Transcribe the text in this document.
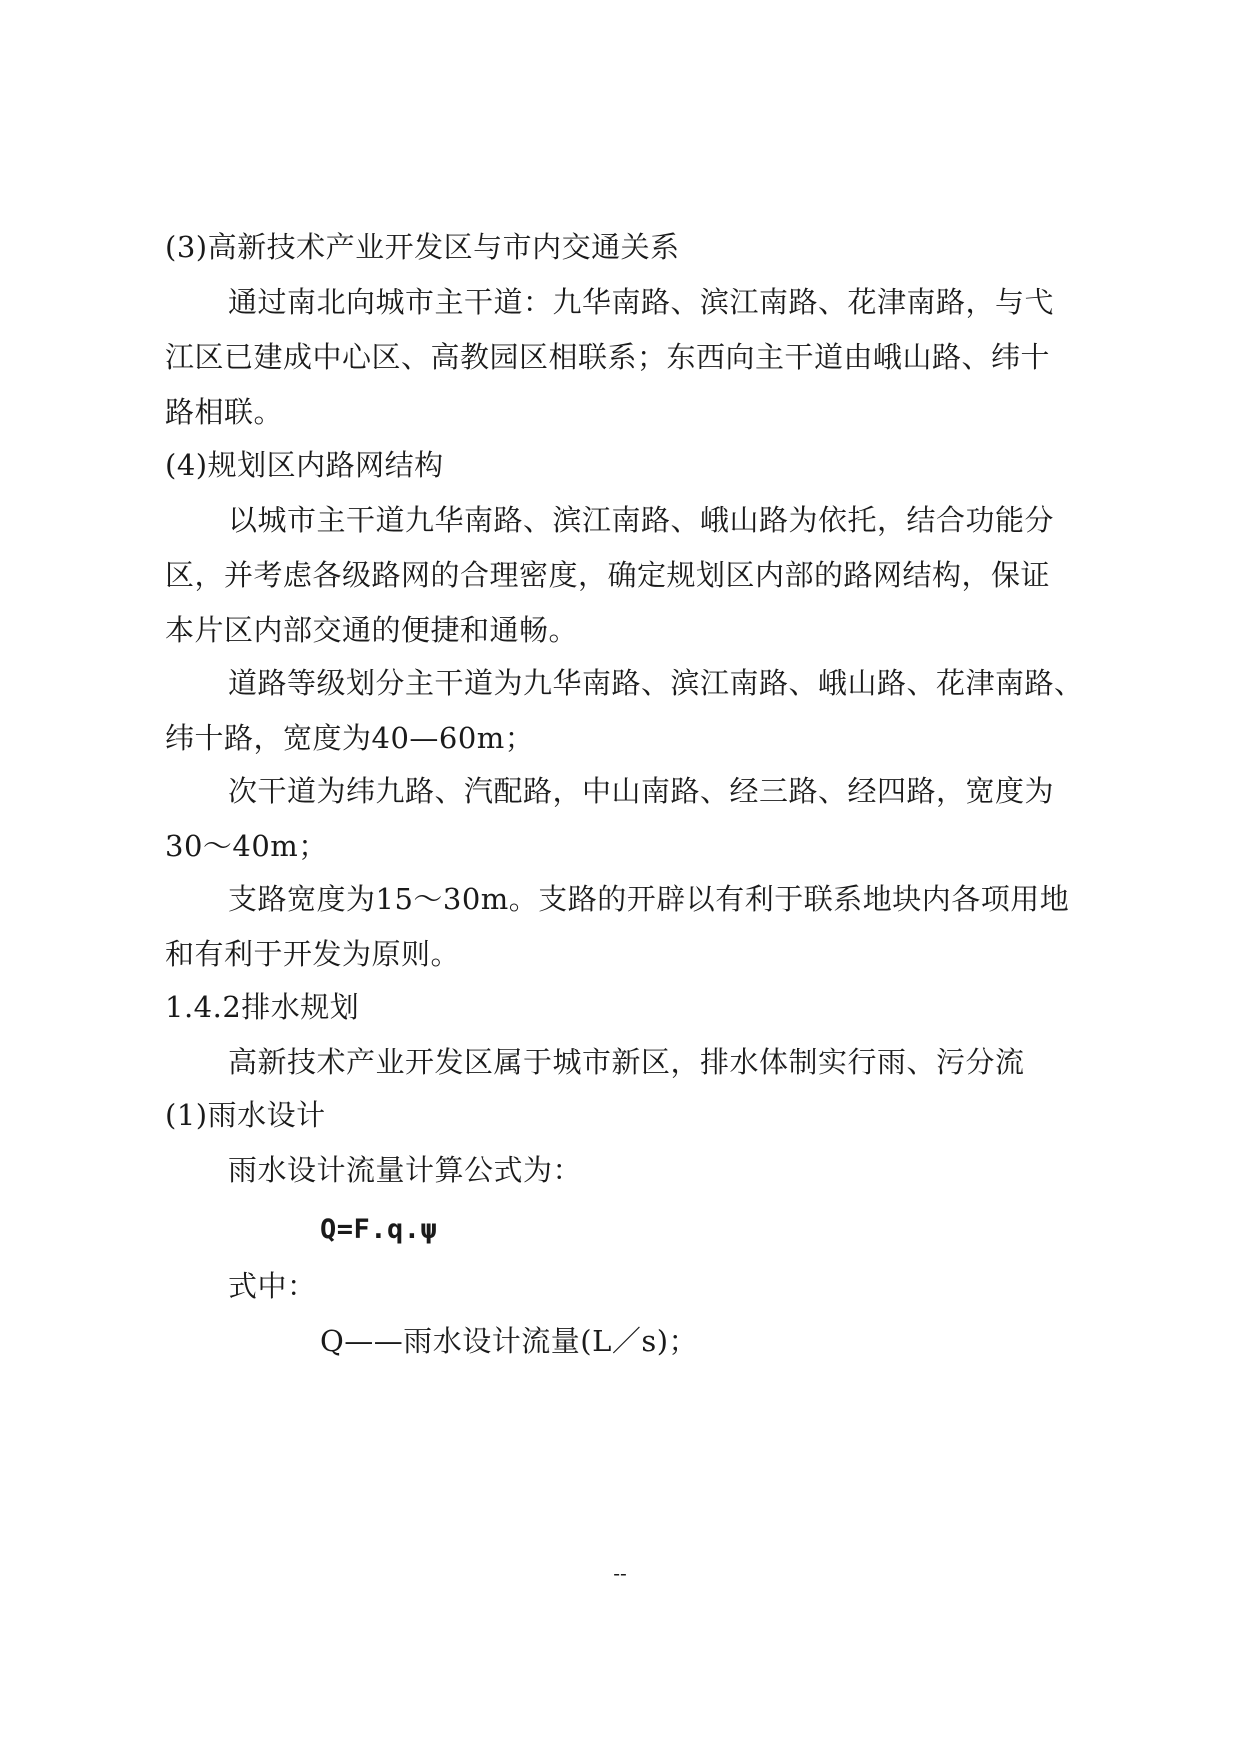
(3)高新技术产业开发区与市内交通关系
通过南北向城市主干道：九华南路、滨江南路、花津南路，与弋
江区已建成中心区、高教园区相联系；东西向主干道由峨山路、纬十
路相联。
(4)规划区内路网结构
以城市主干道九华南路、滨江南路、峨山路为依托，结合功能分
区，并考虑各级路网的合理密度，确定规划区内部的路网结构，保证
本片区内部交通的便捷和通畅。
道路等级划分主干道为九华南路、滨江南路、峨山路、花津南路、
纬十路，宽度为40—60m；
次干道为纬九路、汽配路，中山南路、经三路、经四路，宽度为
30～40m；
支路宽度为15～30m。支路的开辟以有利于联系地块内各项用地
和有利于开发为原则。
1.4.2排水规划
高新技术产业开发区属于城市新区，排水体制实行雨、污分流
(1)雨水设计
雨水设计流量计算公式为：
Q=F.q.ψ
式中：
Q——雨水设计流量(L／s)；
--
